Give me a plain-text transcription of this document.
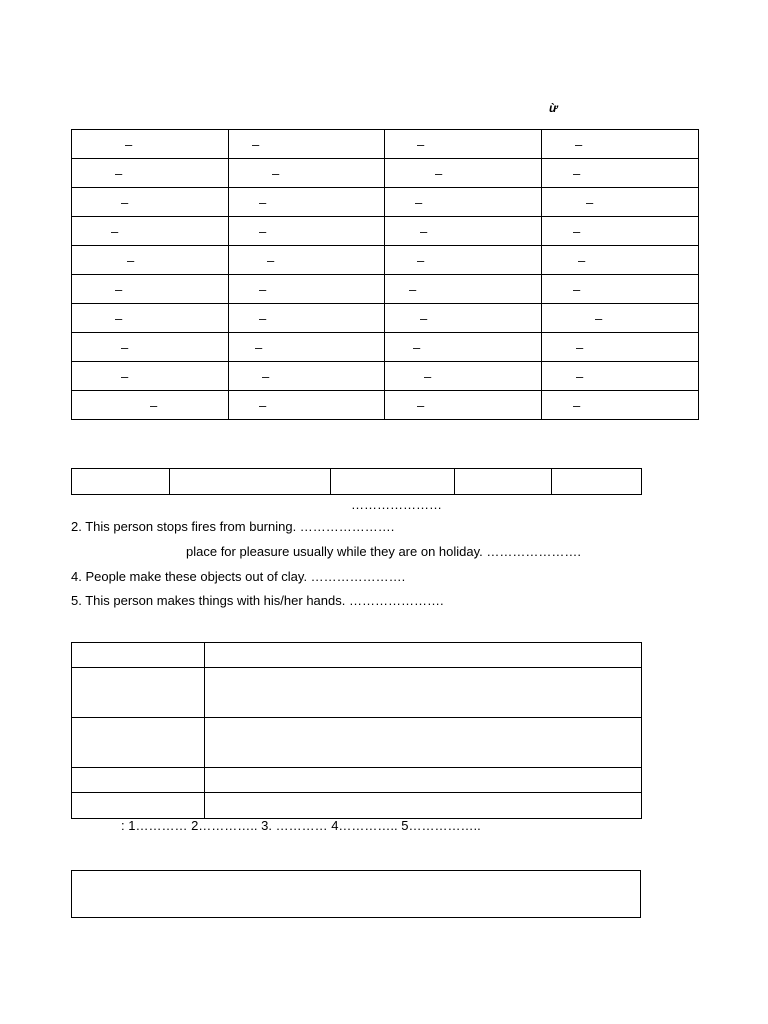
ừ
–	–	–	–
–	–	–	–
–	–	–	–
–	–	–	–
–	–	–	–
–	–	–	–
–	–	–	–
–	–	–	–
–	–	–	–
–	–	–	–

…………………
2. This person stops fires from burning. ………………….
place for pleasure usually while they are on holiday. ………………….
4. People make these objects out of clay. ………………….
5. This person makes things with his/her hands. ………………….

: 1………… 2………….. 3. ………… 4………….. 5……………..
